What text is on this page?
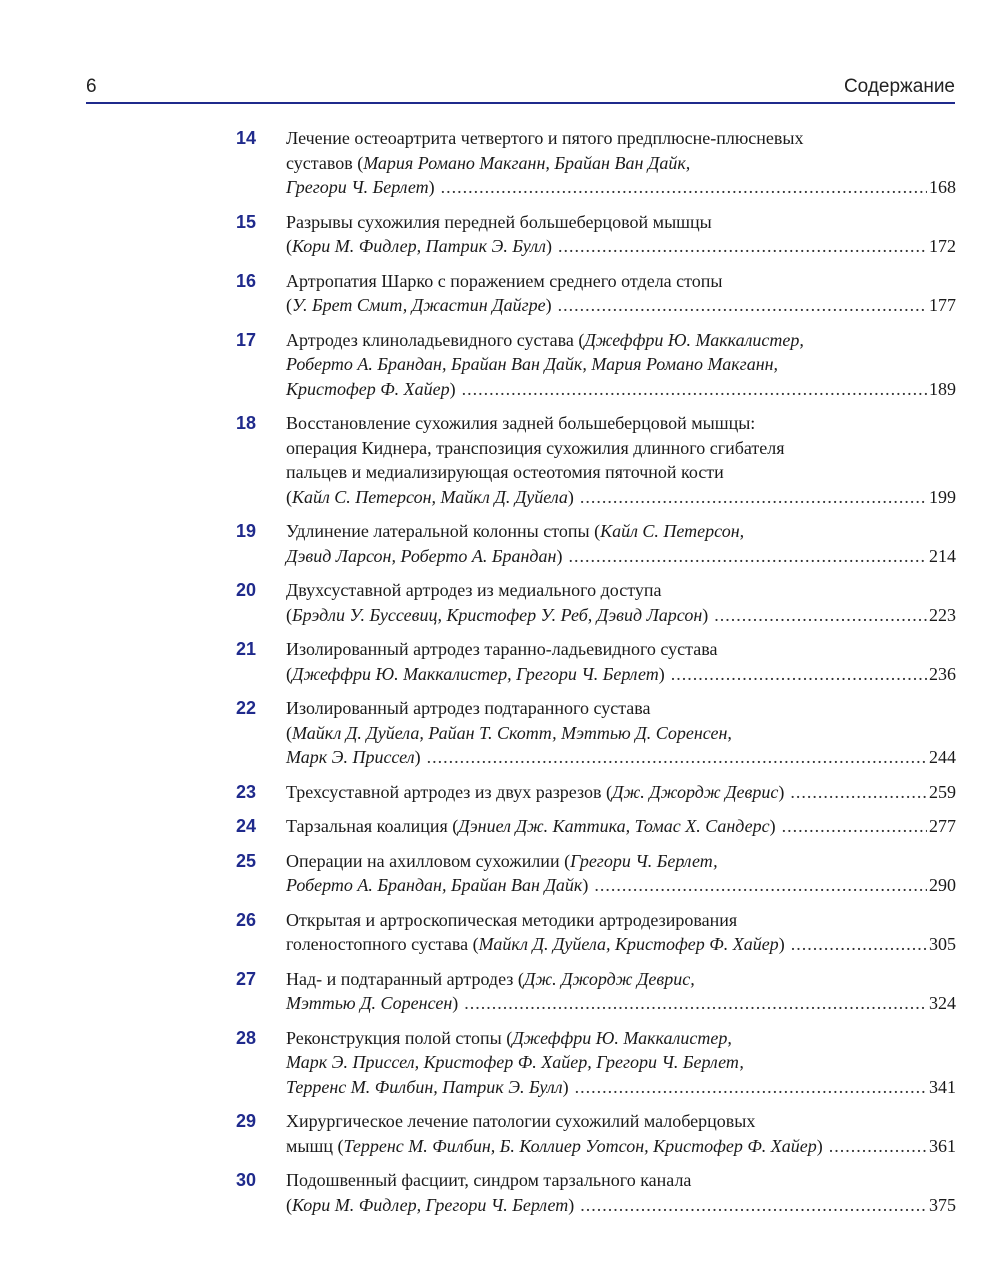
6	Содержание
14 Лечение остеоартрита четвертого и пятого предплюсне-плюсневых
суставов (Мария Романо Макганн, Брайан Ван Дайк,
Грегори Ч. Берлет) .....	168
15 Разрывы сухожилия передней большеберцовой мышцы
(Кори М. Фидлер, Патрик Э. Булл) .....	172
16 Артропатия Шарко с поражением среднего отдела стопы
(У. Брет Смит, Джастин Дайгре) .....	177
17 Артродез клиноладьевидного сустава (Джеффри Ю. Маккалистер,
Роберто А. Брандан, Брайан Ван Дайк, Мария Романо Макганн,
Кристофер Ф. Хайер) .....	189
18 Восстановление сухожилия задней большеберцовой мышцы:
операция Киднера, транспозиция сухожилия длинного сгибателя
пальцев и медиализирующая остеотомия пяточной кости
(Кайл С. Петерсон, Майкл Д. Дуйела) .....	199
19 Удлинение латеральной колонны стопы (Кайл С. Петерсон,
Дэвид Ларсон, Роберто А. Брандан) .....	214
20 Двухсуставной артродез из медиального доступа
(Брэдли У. Буссевиц, Кристофер У. Реб, Дэвид Ларсон) .....	223
21 Изолированный артродез таранно-ладьевидного сустава
(Джеффри Ю. Маккалистер, Грегори Ч. Берлет) .....	236
22 Изолированный артродез подтаранного сустава
(Майкл Д. Дуйела, Райан Т. Скотт, Мэттью Д. Соренсен,
Марк Э. Приссел) .....	244
23 Трехсуставной артродез из двух разрезов (Дж. Джордж Деврис) .....	259
24 Тарзальная коалиция (Дэниел Дж. Каттика, Томас Х. Сандерс) .....	277
25 Операции на ахилловом сухожилии (Грегори Ч. Берлет,
Роберто А. Брандан, Брайан Ван Дайк) .....	290
26 Открытая и артроскопическая методики артродезирования
голеностопного сустава (Майкл Д. Дуйела, Кристофер Ф. Хайер) .....	305
27 Над- и подтаранный артродез (Дж. Джордж Деврис,
Мэттью Д. Соренсен) .....	324
28 Реконструкция полой стопы (Джеффри Ю. Маккалистер,
Марк Э. Приссел, Кристофер Ф. Хайер, Грегори Ч. Берлет,
Терренс М. Филбин, Патрик Э. Булл) .....	341
29 Хирургическое лечение патологии сухожилий малоберцовых
мышц (Терренс М. Филбин, Б. Коллиер Уотсон, Кристофер Ф. Хайер) .....	361
30 Подошвенный фасциит, синдром тарзального канала
(Кори М. Фидлер, Грегори Ч. Берлет) .....	375
